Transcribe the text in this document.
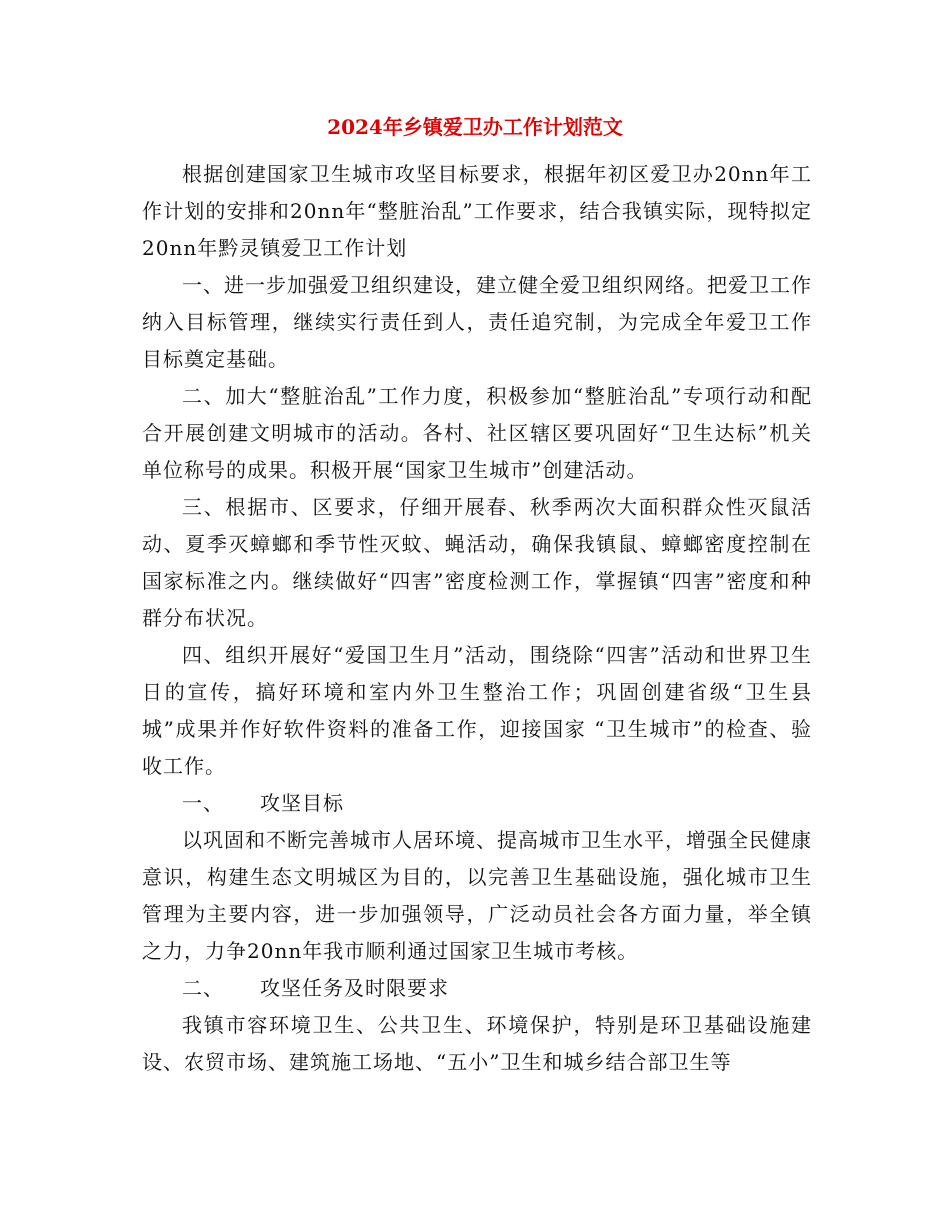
2024年乡镇爱卫办工作计划范文

根据创建国家卫生城市攻坚目标要求，根据年初区爱卫办20nn年工作计划的安排和20nn年“整脏治乱”工作要求，结合我镇实际，现特拟定20nn年黔灵镇爱卫工作计划

一、进一步加强爱卫组织建设，建立健全爱卫组织网络。把爱卫工作纳入目标管理，继续实行责任到人，责任追究制，为完成全年爱卫工作目标奠定基础。

二、加大“整脏治乱”工作力度，积极参加“整脏治乱”专项行动和配合开展创建文明城市的活动。各村、社区辖区要巩固好“卫生达标”机关单位称号的成果。积极开展“国家卫生城市”创建活动。

三、根据市、区要求，仔细开展春、秋季两次大面积群众性灭鼠活动、夏季灭蟑螂和季节性灭蚊、蝇活动，确保我镇鼠、蟑螂密度控制在国家标准之内。继续做好“四害”密度检测工作，掌握镇“四害”密度和种群分布状况。

四、组织开展好“爱国卫生月”活动，围绕除“四害”活动和世界卫生日的宣传，搞好环境和室内外卫生整治工作；巩固创建省级“卫生县城”成果并作好软件资料的准备工作，迎接国家 “卫生城市”的检查、验收工作。

一、 攻坚目标

以巩固和不断完善城市人居环境、提高城市卫生水平，增强全民健康意识，构建生态文明城区为目的，以完善卫生基础设施，强化城市卫生管理为主要内容，进一步加强领导，广泛动员社会各方面力量，举全镇之力，力争20nn年我市顺利通过国家卫生城市考核。

二、 攻坚任务及时限要求

我镇市容环境卫生、公共卫生、环境保护，特别是环卫基础设施建设、农贸市场、建筑施工场地、“五小”卫生和城乡结合部卫生等
